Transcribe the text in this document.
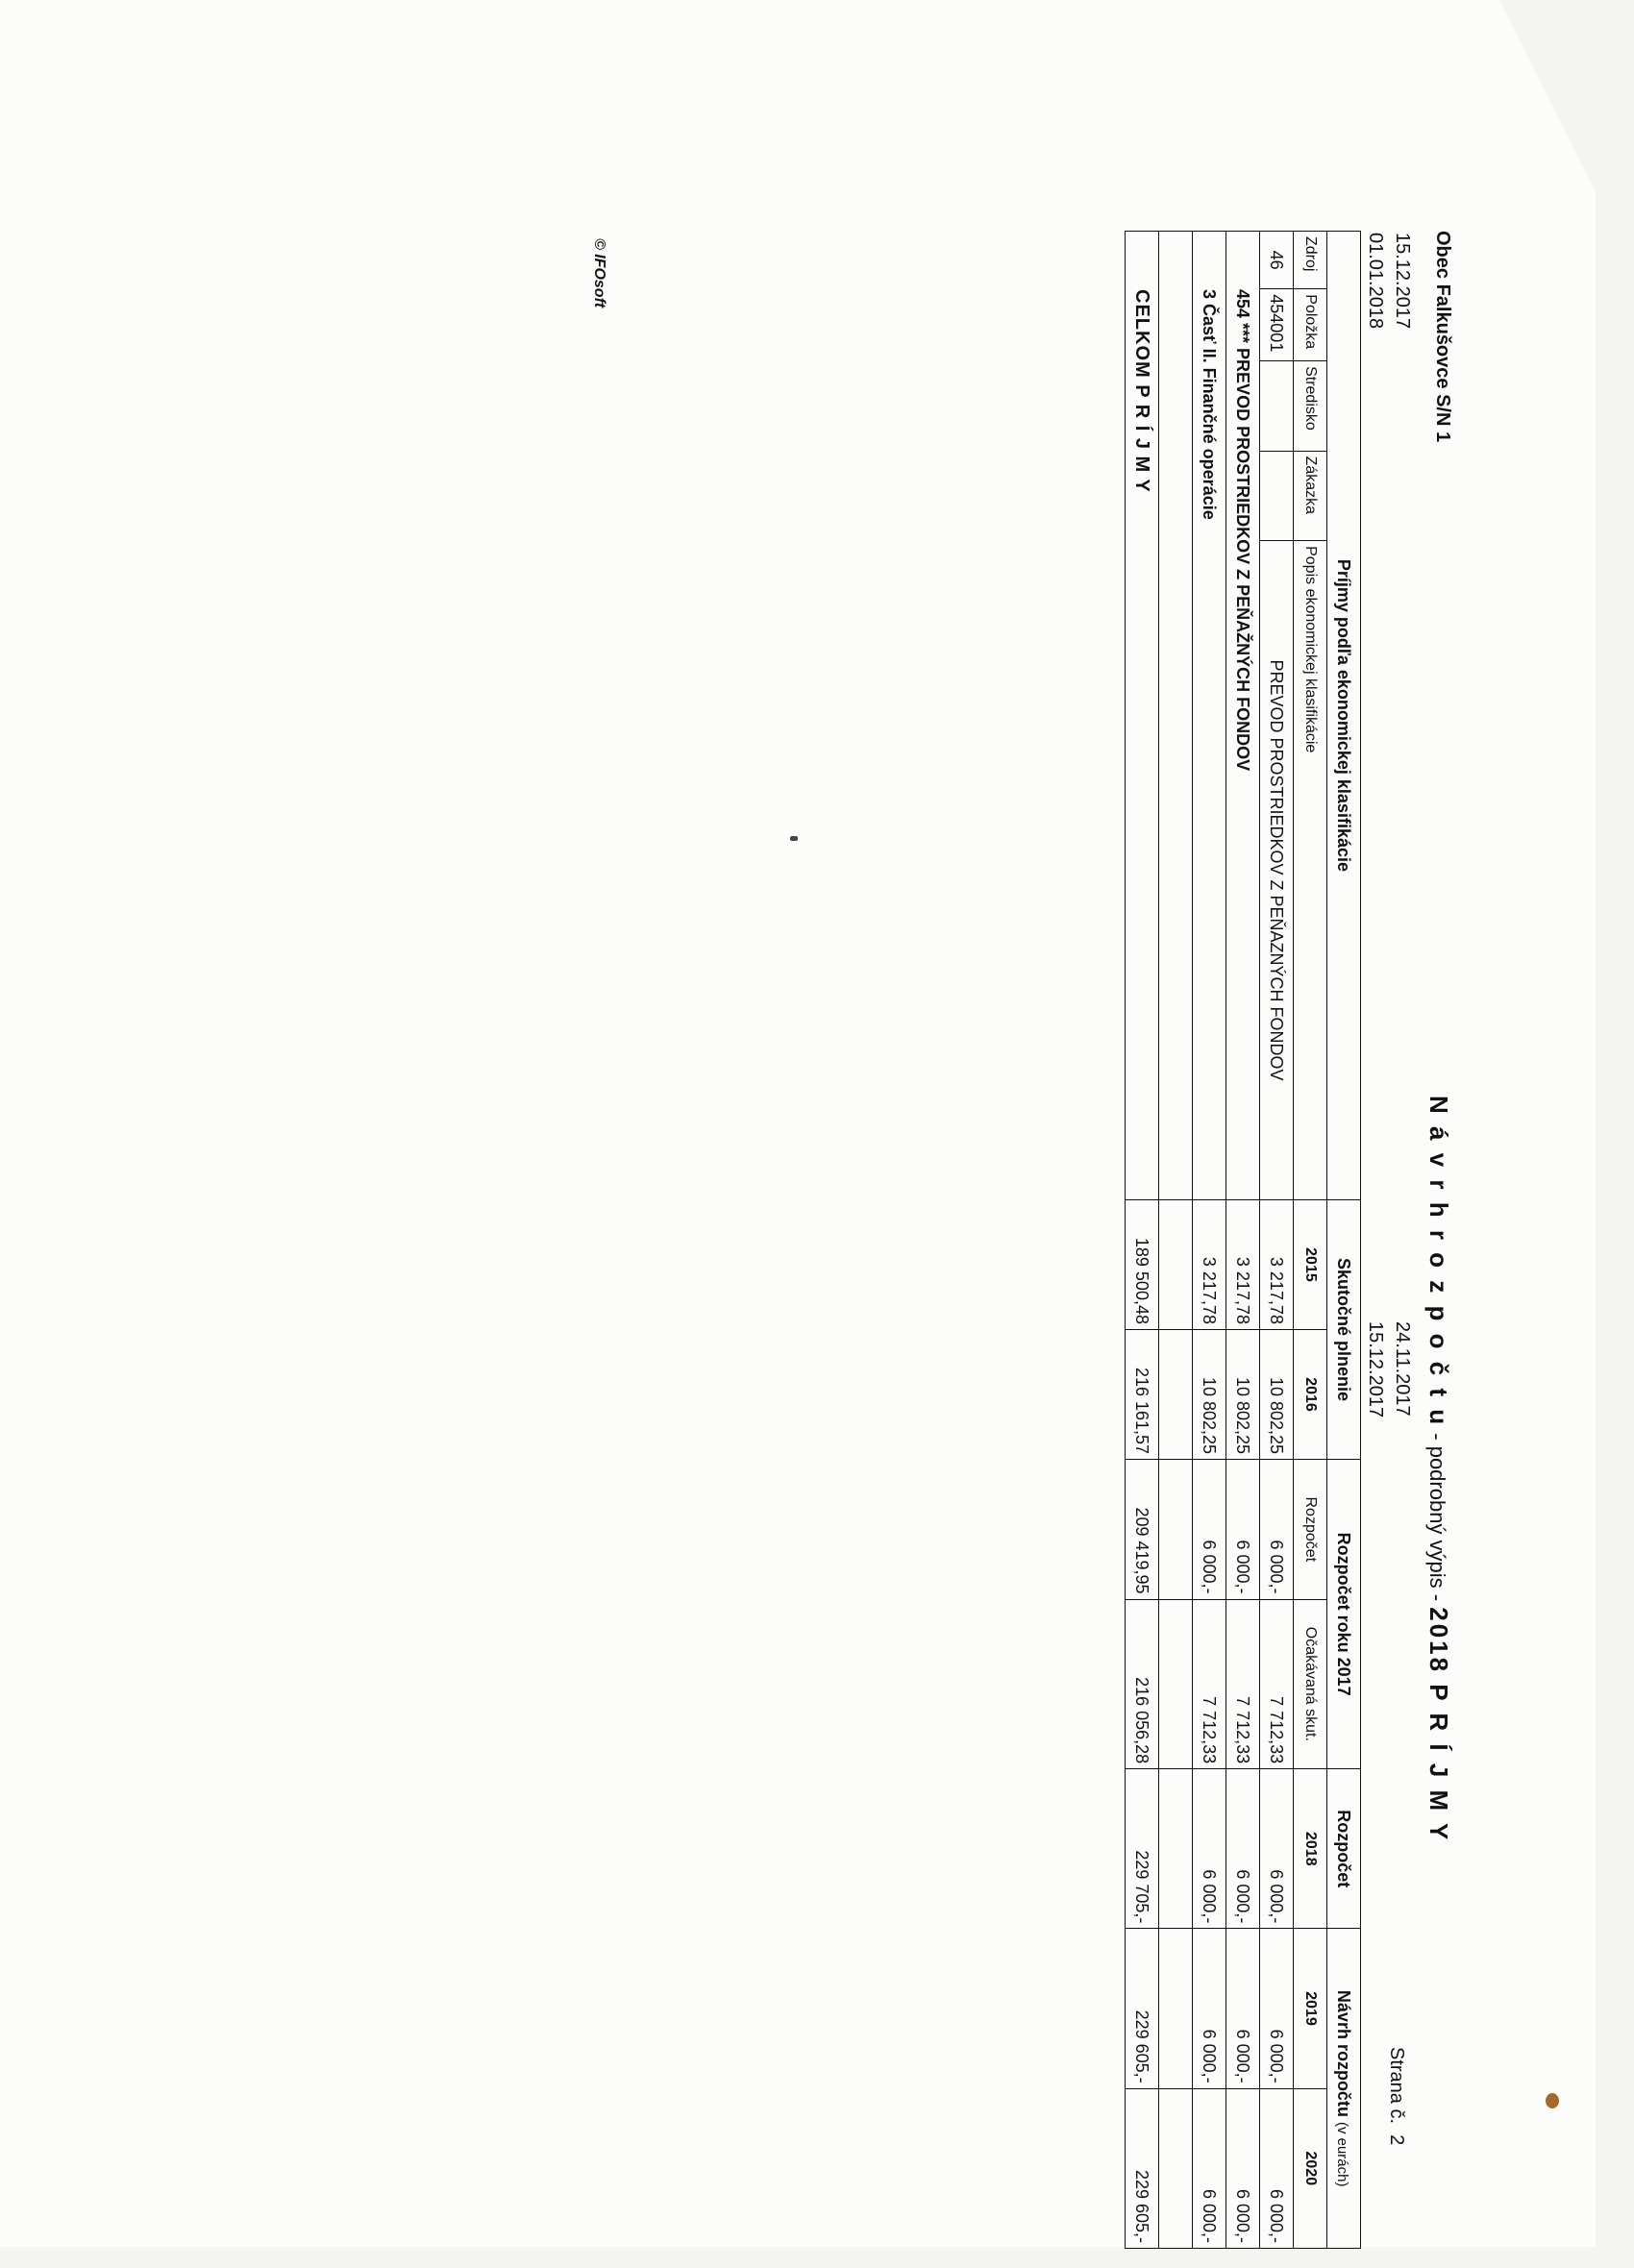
Obec Falkušovce S/N 1
15.12.2017
01.01.2018
N á v r h r o z p o č t u - podrobný výpis - 2018 P R Í J M Y
24.11.2017
15.12.2017
Strana č.  2
Príjmy podľa ekonomickej klasifikácie					Skutočné plnenie		Rozpočet roku 2017		Rozpočet	Návrh rozpočtu (v eurách)	
Zdroj	Položka	Stredisko	Zákazka	Popis ekonomickej klasifikácie	2015	2016	Rozpočet	Očakávaná skut.	2018	2019	2020
46	454001			PREVOD PROSTRIEDKOV Z PEŇAZNÝCH FONDOV	3 217,78	10 802,25	6 000,-	7 712,33	6 000,-	6 000,-	6 000,-
454 *** PREVOD PROSTRIEDKOV Z PEŇAŽNÝCH FONDOV					3 217,78	10 802,25	6 000,-	7 712,33	6 000,-	6 000,-	6 000,-
3 Časť II. Finančné operácie					3 217,78	10 802,25	6 000,-	7 712,33	6 000,-	6 000,-	6 000,-

CELKOM P R Í J M Y					189 500,48	216 161,57	209 419,95	216 056,28	229 705,-	229 605,-	229 605,-
© IFOsoft
